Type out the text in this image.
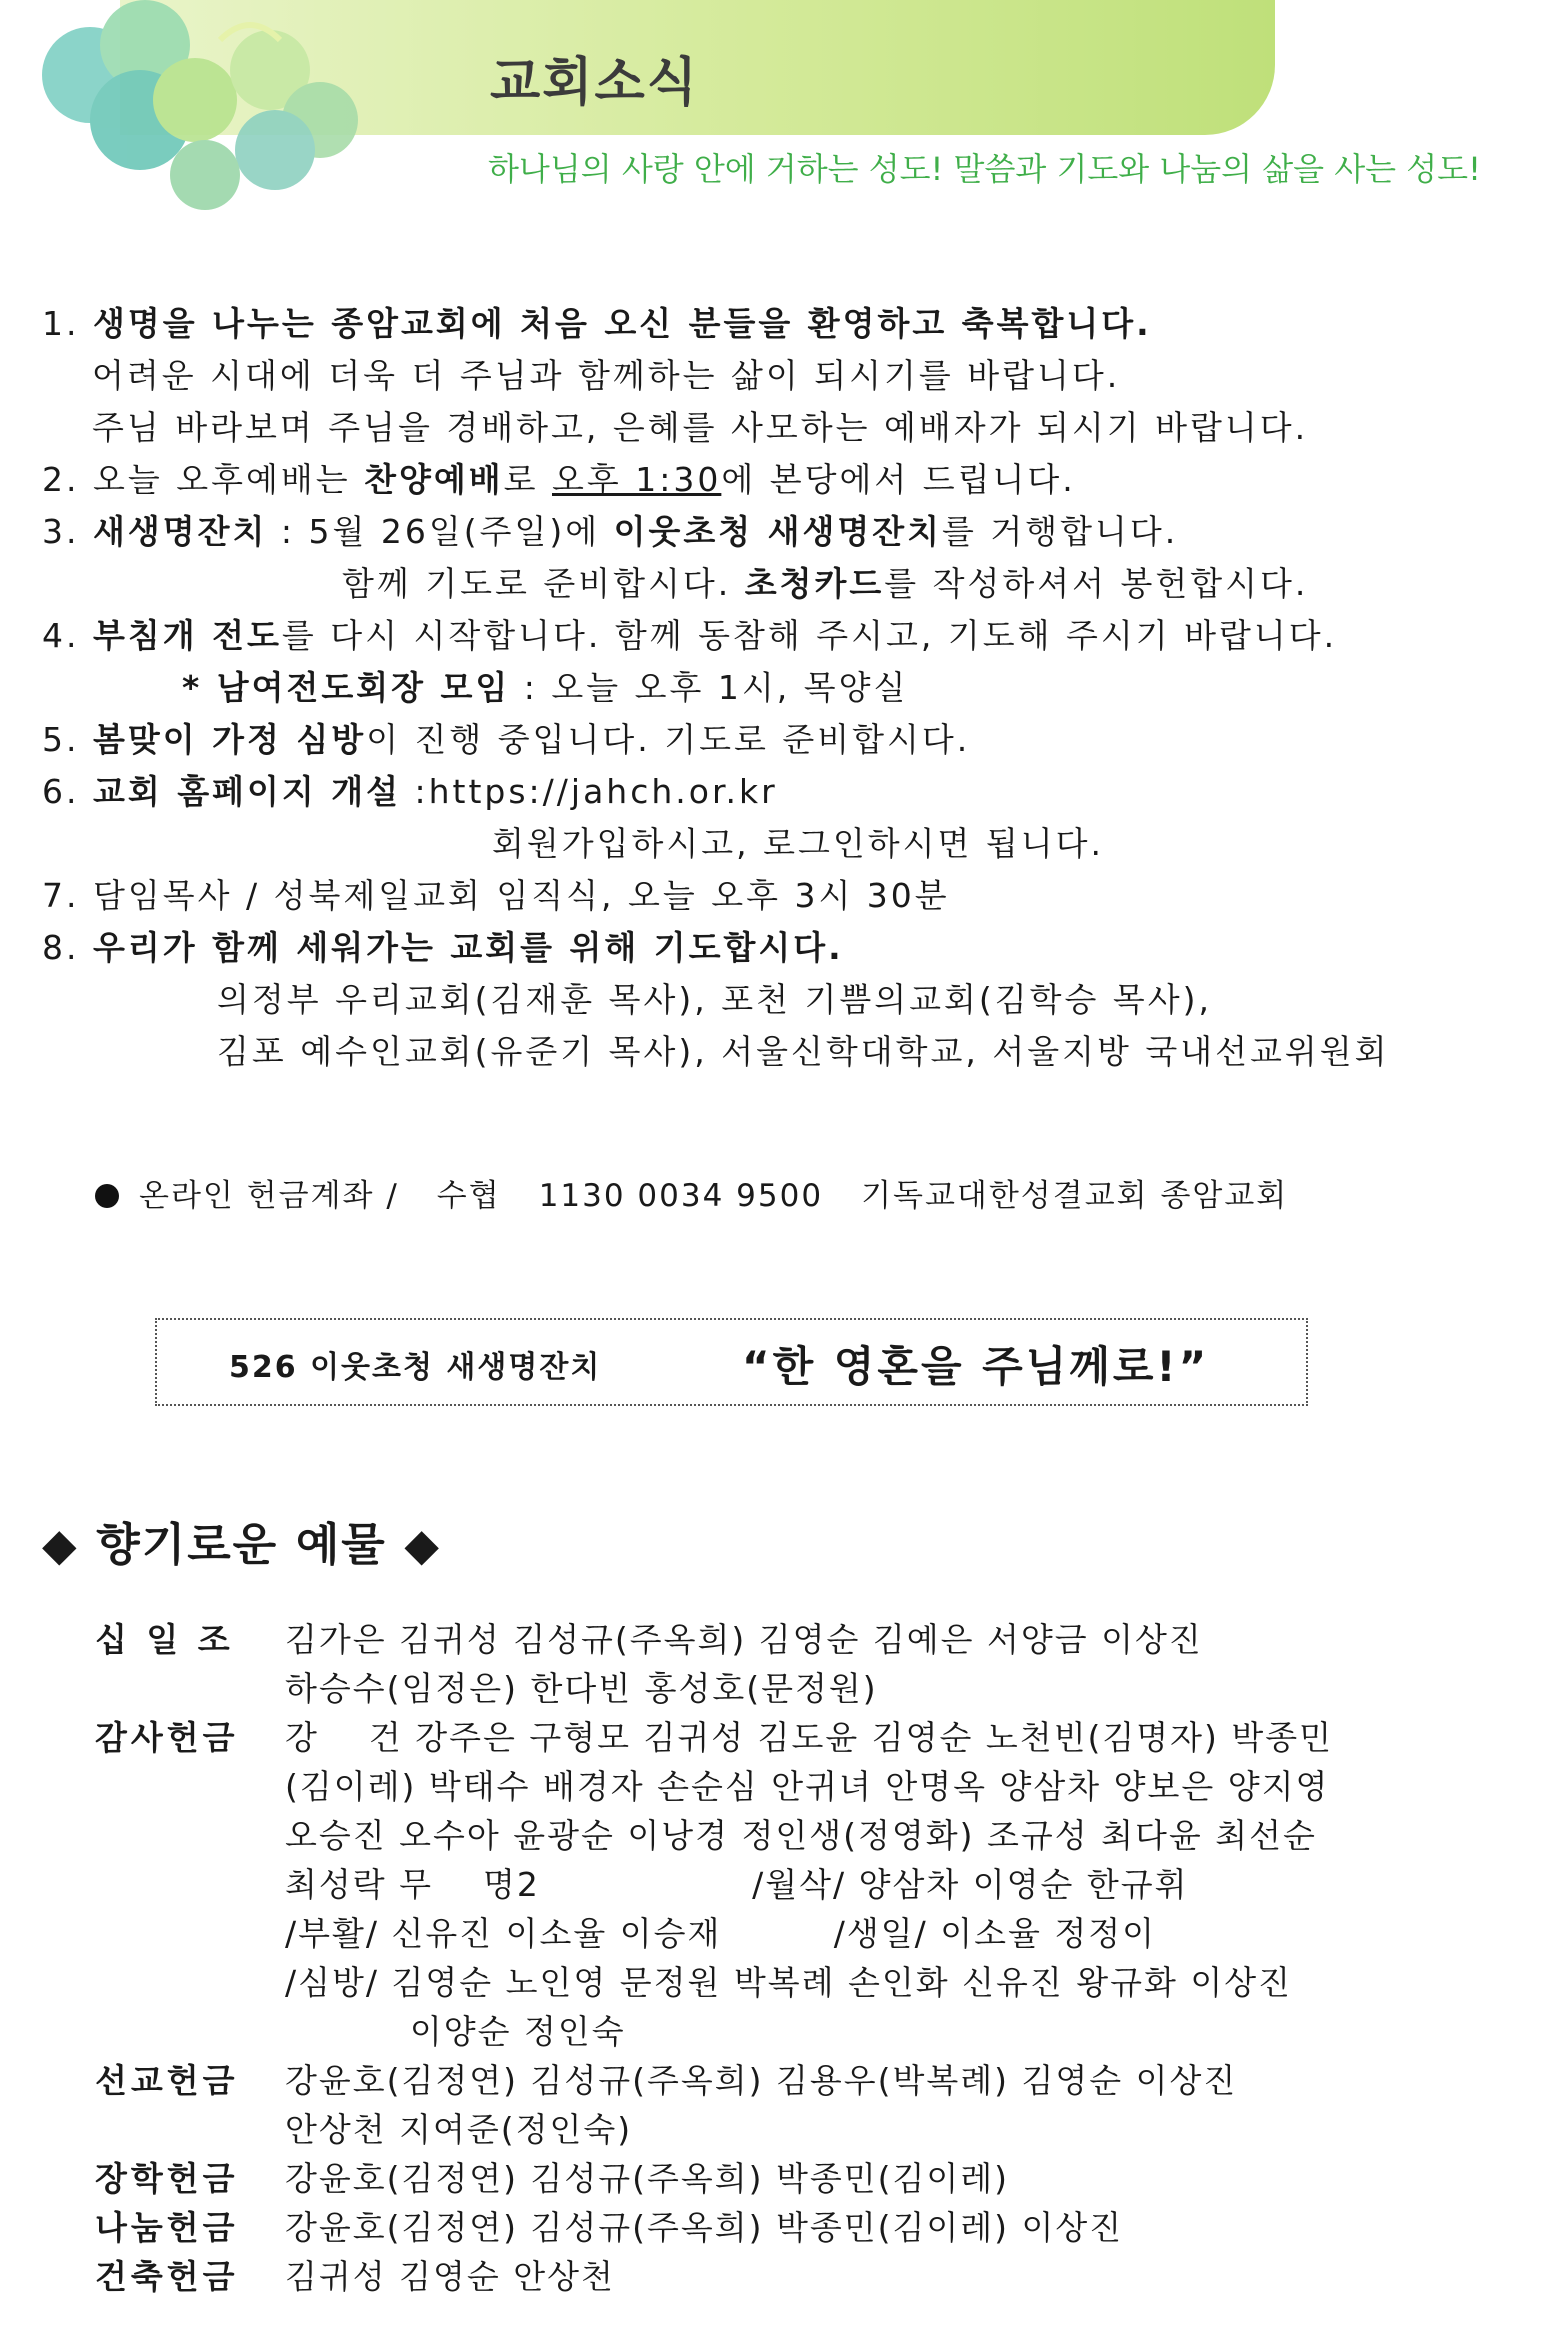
교회소식
하나님의 사랑 안에 거하는 성도! 말씀과 기도와 나눔의 삶을 사는 성도!
1. 생명을 나누는 종암교회에 처음 오신 분들을 환영하고 축복합니다.
어려운 시대에 더욱 더 주님과 함께하는 삶이 되시기를 바랍니다.
주님 바라보며 주님을 경배하고, 은혜를 사모하는 예배자가 되시기 바랍니다.
2. 오늘 오후예배는 찬양예배로 오후 1:30에 본당에서 드립니다.
3. 새생명잔치 : 5월 26일(주일)에 이웃초청 새생명잔치를 거행합니다.
함께 기도로 준비합시다. 초청카드를 작성하셔서 봉헌합시다.
4. 부침개 전도를 다시 시작합니다. 함께 동참해 주시고, 기도해 주시기 바랍니다.
* 남여전도회장 모임 : 오늘 오후 1시, 목양실
5. 봄맞이 가정 심방이 진행 중입니다. 기도로 준비합시다.
6. 교회 홈페이지 개설 :https://jahch.or.kr
회원가입하시고, 로그인하시면 됩니다.
7. 담임목사 / 성북제일교회 임직식, 오늘 오후 3시 30분
8. 우리가 함께 세워가는 교회를 위해 기도합시다.
의정부 우리교회(김재훈 목사), 포천 기쁨의교회(김학승 목사),
김포 예수인교회(유준기 목사), 서울신학대학교, 서울지방 국내선교위원회
온라인 헌금계좌 / 수협 1130 0034 9500 기독교대한성결교회 종암교회
526 이웃초청 새생명잔치	“한 영혼을 주님께로!”
◆ 향기로운 예물 ◆
십 일 조	김가은 김귀성 김성규(주옥희) 김영순 김예은 서양금 이상진
하승수(임정은) 한다빈 홍성호(문정원)
감사헌금	강    건 강주은 구형모 김귀성 김도윤 김영순 노천빈(김명자) 박종민
(김이레) 박태수 배경자 손순심 안귀녀 안명옥 양삼차 양보은 양지영
오승진 오수아 윤광순 이낭경 정인생(정영화) 조규성 최다윤 최선순
최성락 무    명2                 /월삭/ 양삼차 이영순 한규휘
/부활/ 신유진 이소율 이승재         /생일/ 이소율 정정이
/심방/ 김영순 노인영 문정원 박복례 손인화 신유진 왕규화 이상진
이양순 정인숙
선교헌금	강윤호(김정연) 김성규(주옥희) 김용우(박복례) 김영순 이상진
안상천 지여준(정인숙)
장학헌금	강윤호(김정연) 김성규(주옥희) 박종민(김이레)
나눔헌금	강윤호(김정연) 김성규(주옥희) 박종민(김이레) 이상진
건축헌금	김귀성 김영순 안상천
